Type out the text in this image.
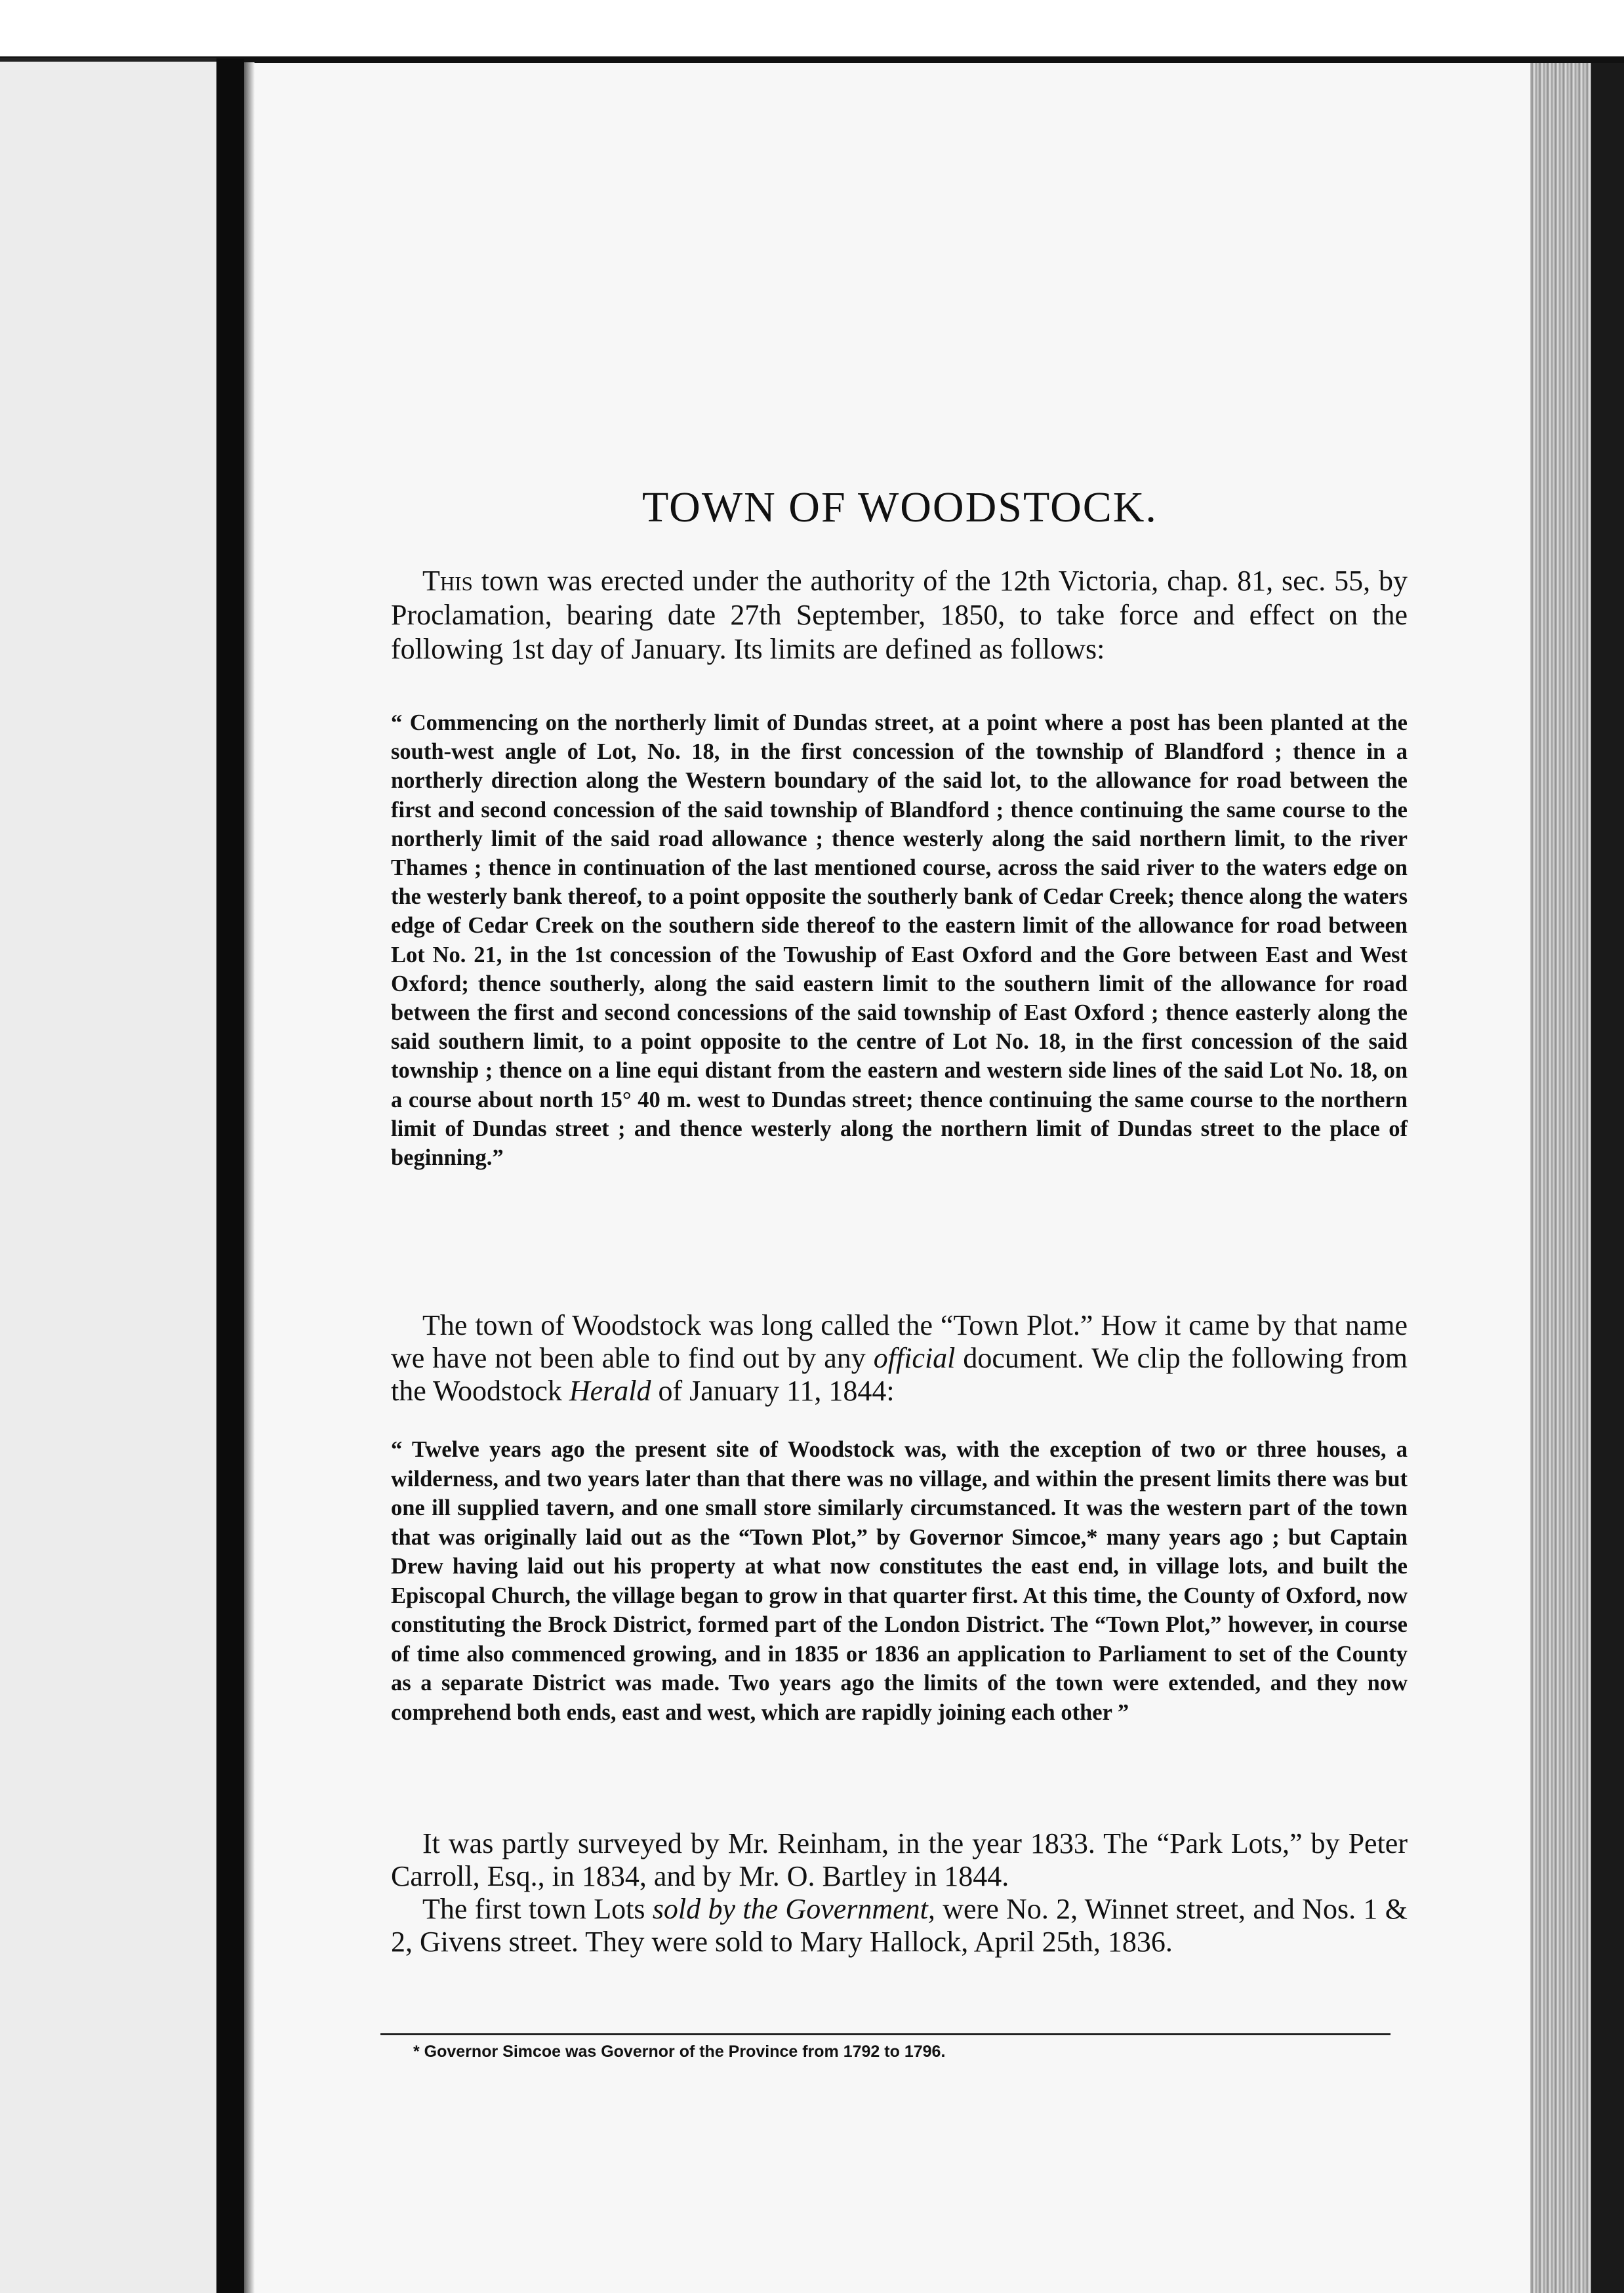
TOWN OF WOODSTOCK.

This town was erected under the authority of the 12th Victoria, chap. 81, sec. 55, by Proclamation, bearing date 27th September, 1850, to take force and effect on the following 1st day of January. Its limits are defined as follows:

“ Commencing on the northerly limit of Dundas street, at a point where a post has been planted at the south-west angle of Lot, No. 18, in the first concession of the township of Blandford ; thence in a northerly direction along the Western boundary of the said lot, to the allowance for road between the first and second concession of the said township of Blandford ; thence continuing the same course to the northerly limit of the said road allowance ; thence westerly along the said northern limit, to the river Thames ; thence in continuation of the last mentioned course, across the said river to the waters edge on the westerly bank thereof, to a point opposite the southerly bank of Cedar Creek; thence along the waters edge of Cedar Creek on the southern side thereof to the eastern limit of the allowance for road between Lot No. 21, in the 1st concession of the Towuship of East Oxford and the Gore between East and West Oxford; thence southerly, along the said eastern limit to the southern limit of the allowance for road between the first and second concessions of the said township of East Oxford ; thence easterly along the said southern limit, to a point opposite to the centre of Lot No. 18, in the first concession of the said township ; thence on a line equi distant from the eastern and western side lines of the said Lot No. 18, on a course about north 15° 40 m. west to Dundas street; thence continuing the same course to the northern limit of Dundas street ; and thence westerly along the northern limit of Dundas street to the place of beginning.”

The town of Woodstock was long called the “Town Plot.” How it came by that name we have not been able to find out by any official document. We clip the following from the Woodstock Herald of January 11, 1844:

“ Twelve years ago the present site of Woodstock was, with the exception of two or three houses, a wilderness, and two years later than that there was no village, and within the present limits there was but one ill supplied tavern, and one small store similarly circumstanced. It was the western part of the town that was originally laid out as the “Town Plot,” by Governor Simcoe,* many years ago ; but Captain Drew having laid out his property at what now constitutes the east end, in village lots, and built the Episcopal Church, the village began to grow in that quarter first. At this time, the County of Oxford, now constituting the Brock District, formed part of the London District. The “Town Plot,” however, in course of time also commenced growing, and in 1835 or 1836 an application to Parliament to set of the County as a separate District was made. Two years ago the limits of the town were extended, and they now comprehend both ends, east and west, which are rapidly joining each other ”

It was partly surveyed by Mr. Reinham, in the year 1833. The “Park Lots,” by Peter Carroll, Esq., in 1834, and by Mr. O. Bartley in 1844.

The first town Lots sold by the Government, were No. 2, Winnet street, and Nos. 1 & 2, Givens street. They were sold to Mary Hallock, April 25th, 1836.

* Governor Simcoe was Governor of the Province from 1792 to 1796.
